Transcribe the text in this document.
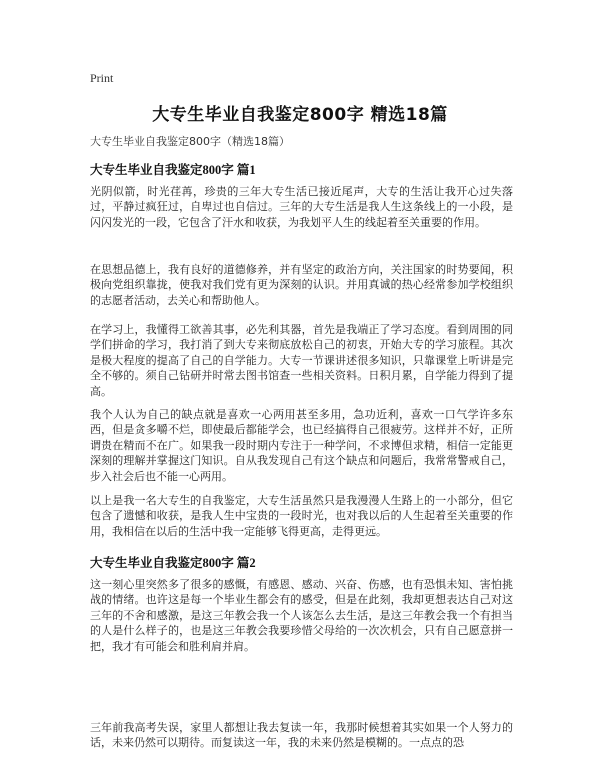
Print
大专生毕业自我鉴定800字 精选18篇
大专生毕业自我鉴定800字（精选18篇）
大专生毕业自我鉴定800字 篇1

光阴似箭，时光荏苒，珍贵的三年大专生活已接近尾声，大专的生活让我开心过失落过，平静过疯狂过，自卑过也自信过。三年的大专生活是我人生这条线上的一小段，是闪闪发光的一段，它包含了汗水和收获，为我划平人生的线起着至关重要的作用。

在思想品德上，我有良好的道德修养，并有坚定的政治方向，关注国家的时势要闻，积极向党组织靠拢，使我对我们党有更为深刻的认识。并用真诚的热心经常参加学校组织的志愿者活动，去关心和帮助他人。

在学习上，我懂得工欲善其事，必先利其器，首先是我端正了学习态度。看到周围的同学们拼命的学习，我打消了到大专来彻底放松自己的初衷，开始大专的学习旅程。其次是极大程度的提高了自己的自学能力。大专一节课讲述很多知识，只靠课堂上听讲是完全不够的。须自己钻研并时常去图书馆查一些相关资料。日积月累，自学能力得到了提高。

我个人认为自己的缺点就是喜欢一心两用甚至多用，急功近利，喜欢一口气学许多东西，但是贪多嚼不烂，即使最后都能学会，也已经搞得自己很疲劳。这样并不好，正所谓贵在精而不在广。如果我一段时期内专注于一种学问，不求博但求精，相信一定能更深刻的理解并掌握这门知识。自从我发现自己有这个缺点和问题后，我常常警戒自己，步入社会后也不能一心两用。

以上是我一名大专生的自我鉴定，大专生活虽然只是我漫漫人生路上的一小部分，但它包含了遗憾和收获，是我人生中宝贵的一段时光，也对我以后的人生起着至关重要的作用，我相信在以后的生活中我一定能够飞得更高，走得更远。

大专生毕业自我鉴定800字 篇2

这一刻心里突然多了很多的感慨，有感恩、感动、兴奋、伤感，也有恐惧未知、害怕挑战的情绪。也许这是每一个毕业生都会有的感受，但是在此刻，我却更想表达自己对这三年的不舍和感激，是这三年教会我一个人该怎么去生活，是这三年教会我一个有担当的人是什么样子的，也是这三年教会我要珍惜父母给的一次次机会，只有自己愿意拼一把，我才有可能会和胜利肩并肩。

三年前我高考失误，家里人都想让我去复读一年，我那时候想着其实如果一个人努力的话，未来仍然可以期待。而复读这一年，我的未来仍然是模糊的。一点点的恐
